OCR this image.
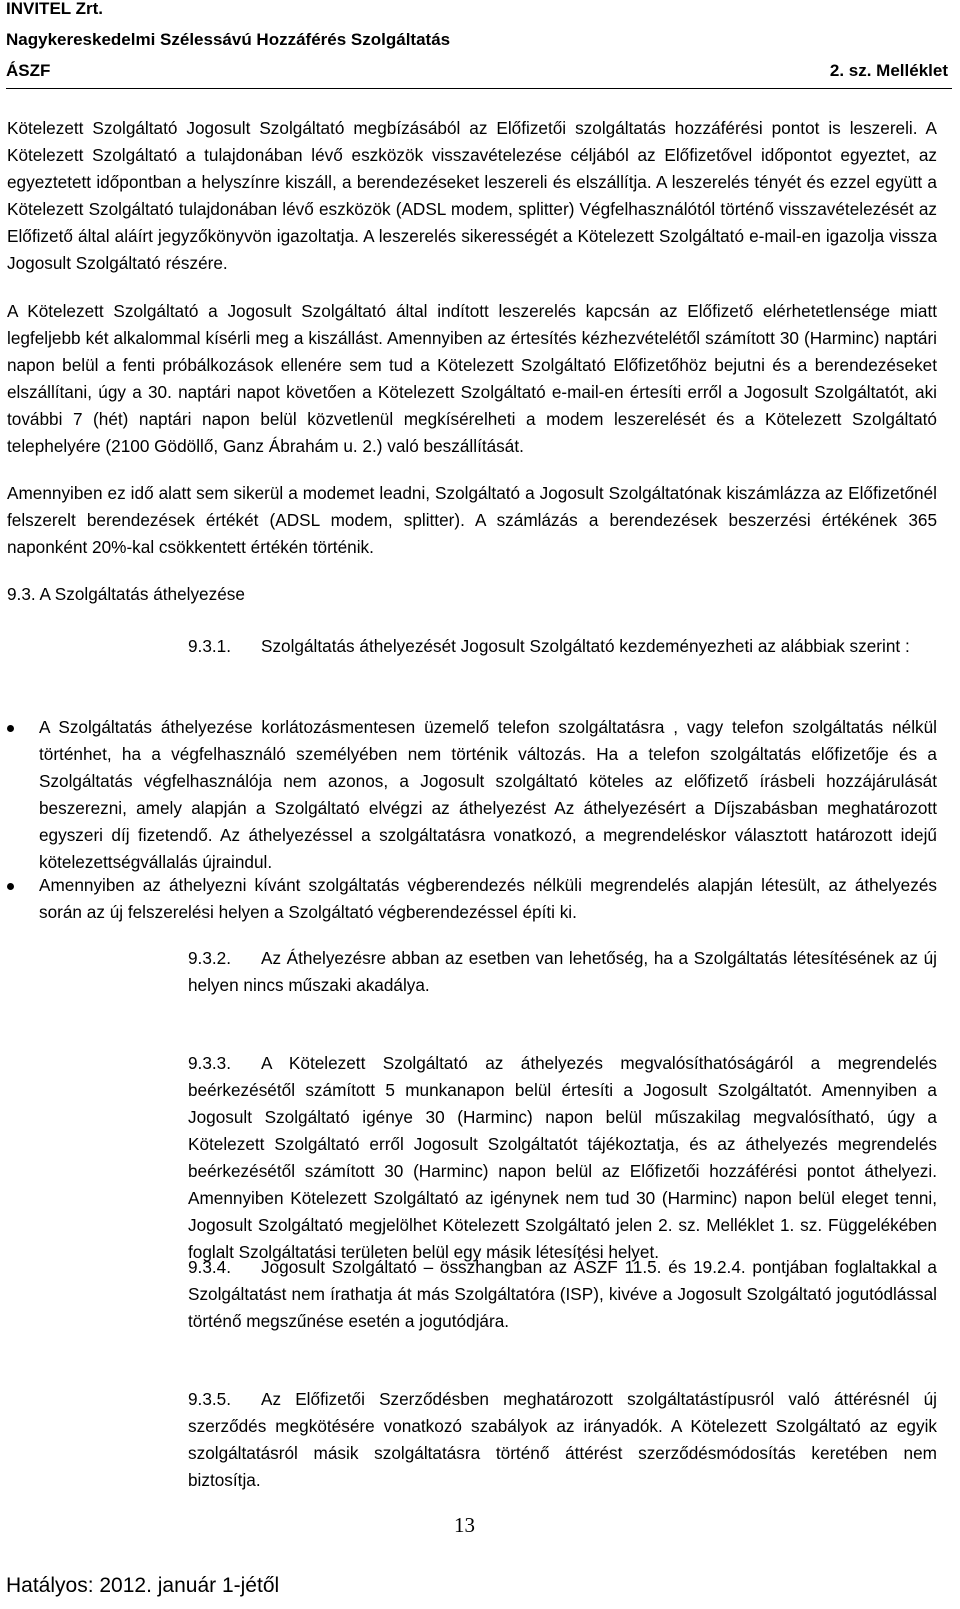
INVITEL Zrt.
Nagykereskedelmi Szélessávú Hozzáférés Szolgáltatás
ÁSZF	2. sz. Melléklet
Kötelezett Szolgáltató Jogosult Szolgáltató megbízásából az Előfizetői szolgáltatás hozzáférési pontot is leszereli. A Kötelezett Szolgáltató a tulajdonában lévő eszközök visszavételezése céljából az Előfizetővel időpontot egyeztet, az egyeztetett időpontban a helyszínre kiszáll, a berendezéseket leszereli és elszállítja. A leszerelés tényét és ezzel együtt a Kötelezett Szolgáltató tulajdonában lévő eszközök (ADSL modem, splitter) Végfelhasználótól történő visszavételezését az Előfizető által aláírt jegyzőkönyvön igazoltatja. A leszerelés sikerességét a Kötelezett Szolgáltató e-mail-en igazolja vissza Jogosult Szolgáltató részére.
A Kötelezett Szolgáltató a Jogosult Szolgáltató által indított leszerelés kapcsán az Előfizető elérhetetlensége miatt legfeljebb két alkalommal kísérli meg a kiszállást. Amennyiben az értesítés kézhezvételétől számított 30 (Harminc) naptári napon belül a fenti próbálkozások ellenére sem tud a Kötelezett Szolgáltató Előfizetőhöz bejutni és a berendezéseket elszállítani, úgy a 30. naptári napot követően a Kötelezett Szolgáltató e-mail-en értesíti erről a Jogosult Szolgáltatót, aki további 7 (hét) naptári napon belül közvetlenül megkísérelheti a modem leszerelését és a Kötelezett Szolgáltató telephelyére (2100 Gödöllő, Ganz Ábrahám u. 2.) való beszállítását.
Amennyiben ez idő alatt sem sikerül a modemet leadni, Szolgáltató a Jogosult Szolgáltatónak kiszámlázza az Előfizetőnél felszerelt berendezések értékét (ADSL modem, splitter). A számlázás a berendezések beszerzési értékének 365 naponként 20%-kal csökkentett értékén történik.
9.3. A Szolgáltatás áthelyezése
9.3.1. Szolgáltatás áthelyezését Jogosult Szolgáltató kezdeményezheti az alábbiak szerint :
A Szolgáltatás áthelyezése korlátozásmentesen üzemelő telefon szolgáltatásra , vagy telefon szolgáltatás nélkül történhet, ha a végfelhasználó személyében nem történik változás. Ha a telefon szolgáltatás előfizetője és a Szolgáltatás végfelhasználója nem azonos, a Jogosult szolgáltató köteles az előfizető írásbeli hozzájárulását beszerezni, amely alapján a Szolgáltató elvégzi az áthelyezést Az áthelyezésért a Díjszabásban meghatározott egyszeri díj fizetendő. Az áthelyezéssel a szolgáltatásra vonatkozó, a megrendeléskor választott határozott idejű kötelezettségvállalás újraindul.
Amennyiben az áthelyezni kívánt szolgáltatás végberendezés nélküli megrendelés alapján létesült, az áthelyezés során az új felszerelési helyen a Szolgáltató végberendezéssel építi ki.
9.3.2. Az Áthelyezésre abban az esetben van lehetőség, ha a Szolgáltatás létesítésének az új helyen nincs műszaki akadálya.
9.3.3. A Kötelezett Szolgáltató az áthelyezés megvalósíthatóságáról a megrendelés beérkezésétől számított 5 munkanapon belül értesíti a Jogosult Szolgáltatót. Amennyiben a Jogosult Szolgáltató igénye 30 (Harminc) napon belül műszakilag megvalósítható, úgy a Kötelezett Szolgáltató erről Jogosult Szolgáltatót tájékoztatja, és az áthelyezés megrendelés beérkezésétől számított 30 (Harminc) napon belül az Előfizetői hozzáférési pontot áthelyezi. Amennyiben Kötelezett Szolgáltató az igénynek nem tud 30 (Harminc) napon belül eleget tenni, Jogosult Szolgáltató megjelölhet Kötelezett Szolgáltató jelen 2. sz. Melléklet 1. sz. Függelékében foglalt Szolgáltatási területen belül egy másik létesítési helyet.
9.3.4. Jogosult Szolgáltató – összhangban az ÁSZF 11.5. és 19.2.4. pontjában foglaltakkal a Szolgáltatást nem írathatja át más Szolgáltatóra (ISP), kivéve a Jogosult Szolgáltató jogutódlással történő megszűnése esetén a jogutódjára.
9.3.5. Az Előfizetői Szerződésben meghatározott szolgáltatástípusról való áttérésnél új szerződés megkötésére vonatkozó szabályok az irányadók. A Kötelezett Szolgáltató az egyik szolgáltatásról másik szolgáltatásra történő áttérést szerződésmódosítás keretében nem biztosítja.
13
Hatályos: 2012. január 1-jétől
